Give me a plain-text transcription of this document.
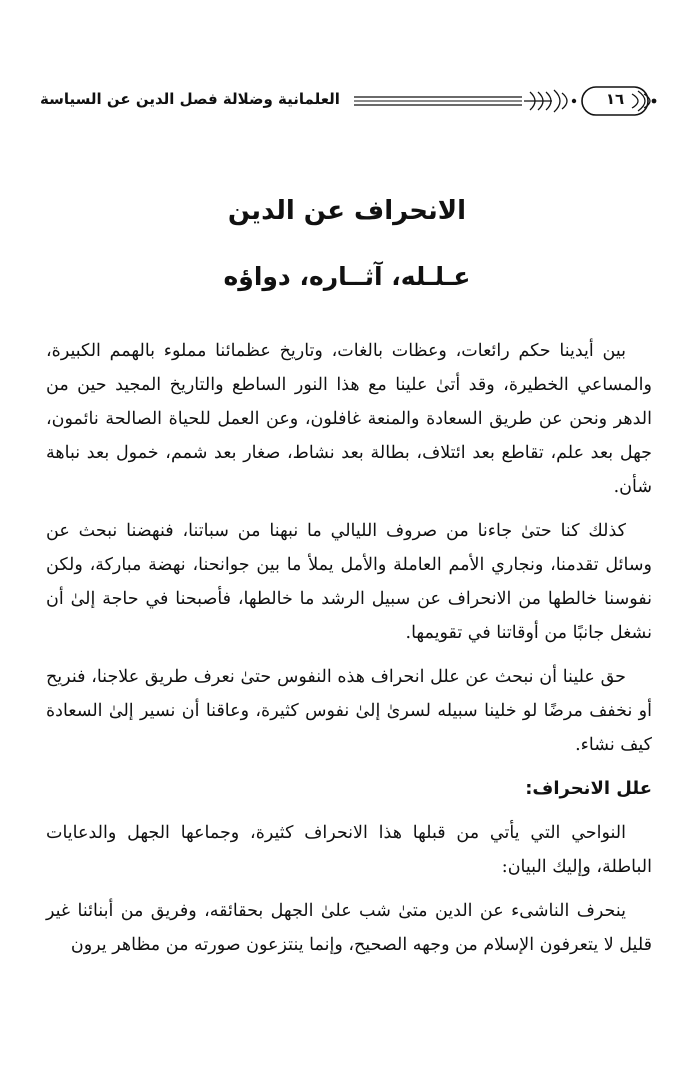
العلمانية وضلالة فصل الدين عن السياسة	١٦
الانحراف عن الدين
عـلـله، آثــاره، دواؤه

بين أيدينا حكم رائعات، وعظات بالغات، وتاريخ عظمائنا مملوء بالهمم الكبيرة، والمساعي الخطيرة، وقد أتىٰ علينا مع هذا النور الساطع والتاريخ المجيد حين من الدهر ونحن عن طريق السعادة والمنعة غافلون، وعن العمل للحياة الصالحة نائمون، جهل بعد علم، تقاطع بعد ائتلاف، بطالة بعد نشاط، صغار بعد شمم، خمول بعد نباهة شأن.

كذلك كنا حتىٰ جاءنا من صروف الليالي ما نبهنا من سباتنا، فنهضنا نبحث عن وسائل تقدمنا، ونجاري الأمم العاملة والأمل يملأ ما بين جوانحنا، نهضة مباركة، ولكن نفوسنا خالطها من الانحراف عن سبيل الرشد ما خالطها، فأصبحنا في حاجة إلىٰ أن نشغل جانبًا من أوقاتنا في تقويمها.

حق علينا أن نبحث عن علل انحراف هذه النفوس حتىٰ نعرف طريق علاجنا، فنريح أو نخفف مرضًا لو خلينا سبيله لسرىٰ إلىٰ نفوس كثيرة، وعاقنا أن نسير إلىٰ السعادة كيف نشاء.

علل الانحراف:

النواحي التي يأتي من قبلها هذا الانحراف كثيرة، وجماعها الجهل والدعايات الباطلة، وإليك البيان:

ينحرف الناشىء عن الدين متىٰ شب علىٰ الجهل بحقائقه، وفريق من أبنائنا غير قليل لا يتعرفون الإسلام من وجهه الصحيح، وإنما ينتزعون صورته من مظاهر يرون
